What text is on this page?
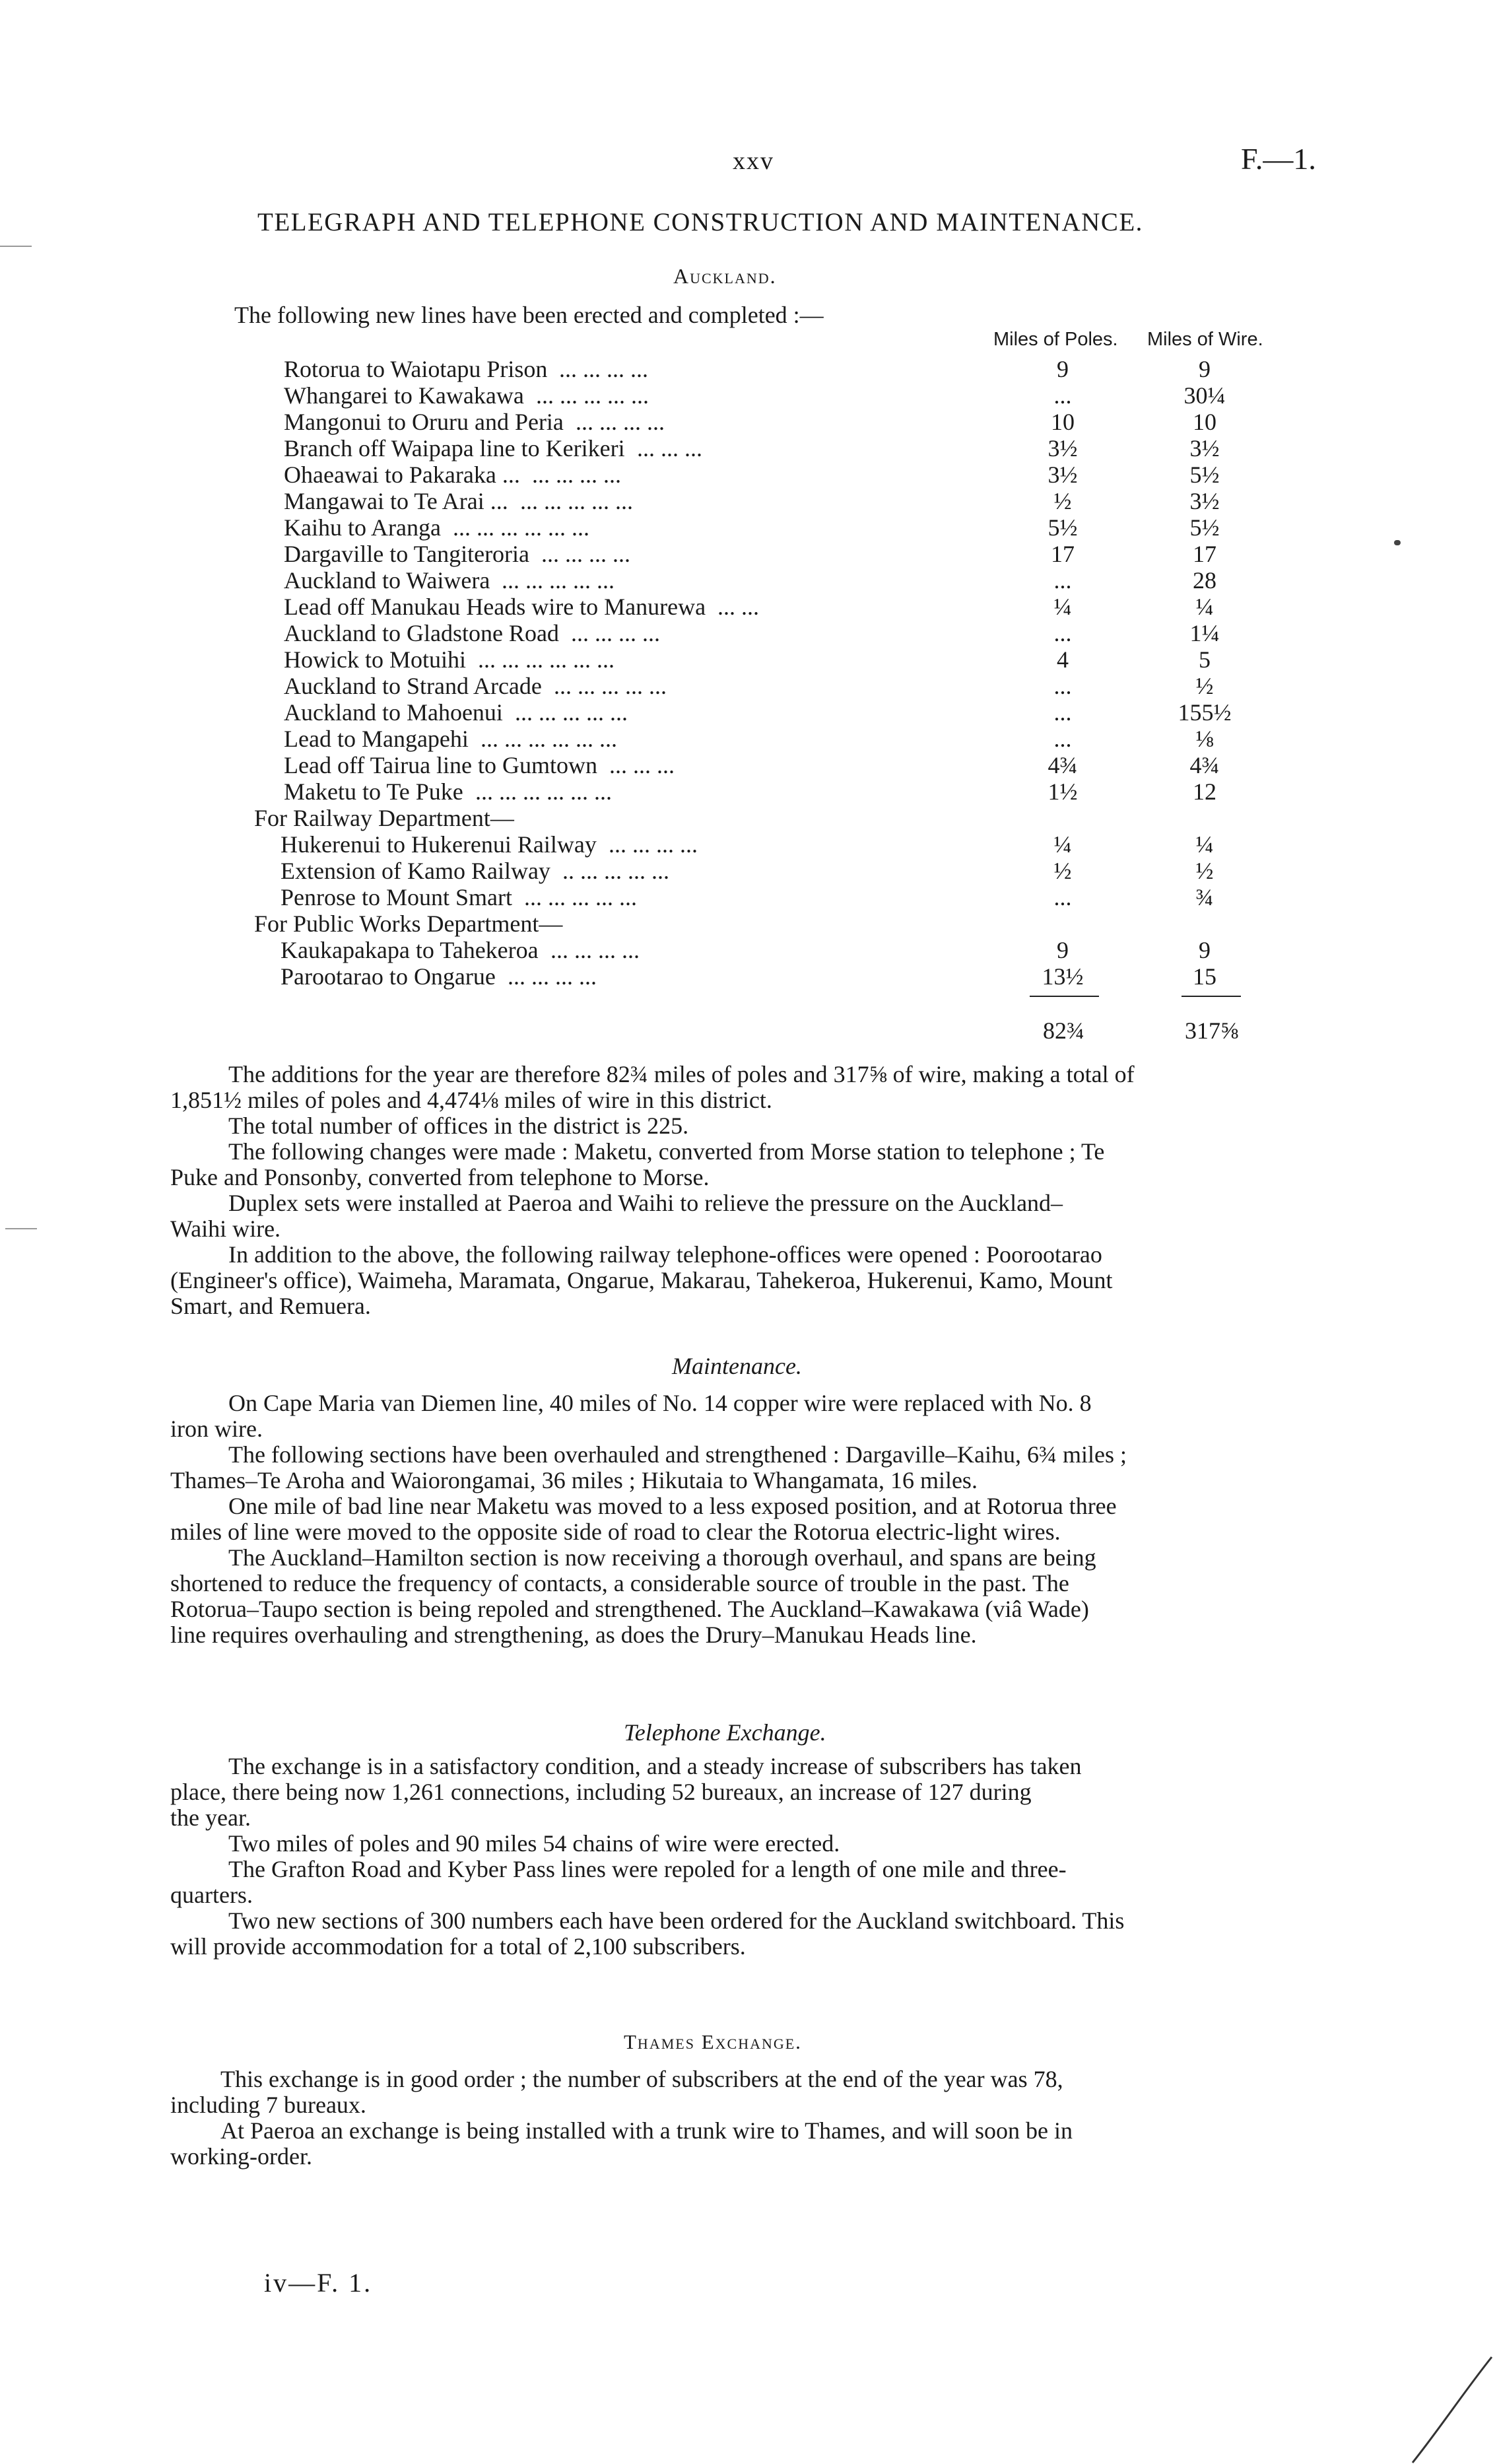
xxv	F.—1.
TELEGRAPH AND TELEPHONE CONSTRUCTION AND MAINTENANCE.
Auckland.
The following new lines have been erected and completed :—
Miles of Poles. Miles of Wire.
Rotorua to Waiotapu Prison ... ... ... ...	9	9
Whangarei to Kawakawa ... ... ... ... ...	...	30¼
Mangonui to Oruru and Peria ... ... ... ...	10	10
Branch off Waipapa line to Kerikeri ... ... ...	3½	3½
Ohaeawai to Pakaraka ... ... ... ... ...	3½	5½
Mangawai to Te Arai ... ... ... ... ... ...	½	3½
Kaihu to Aranga ... ... ... ... ... ...	5½	5½
Dargaville to Tangiteroria ... ... ... ...	17	17
Auckland to Waiwera ... ... ... ... ...	...	28
Lead off Manukau Heads wire to Manurewa ... ...	¼	¼
Auckland to Gladstone Road ... ... ... ...	...	1¼
Howick to Motuihi ... ... ... ... ... ...	4	5
Auckland to Strand Arcade ... ... ... ... ...	...	½
Auckland to Mahoenui ... ... ... ... ...	...	155½
Lead to Mangapehi ... ... ... ... ... ...	...	⅛
Lead off Tairua line to Gumtown ... ... ...	4¾	4¾
Maketu to Te Puke ... ... ... ... ... ...	1½	12
For Railway Department—
Hukerenui to Hukerenui Railway ... ... ... ...	¼	¼
Extension of Kamo Railway .. ... ... ... ...	½	½
Penrose to Mount Smart ... ... ... ... ...	...	¾
For Public Works Department—
Kaukapakapa to Tahekeroa ... ... ... ...	9	9
Parootarao to Ongarue ... ... ... ...	13½	15
82¾	317⅝
The additions for the year are therefore 82¾ miles of poles and 317⅝ of wire, making a total of
1,851½ miles of poles and 4,474⅛ miles of wire in this district.
The total number of offices in the district is 225.
The following changes were made : Maketu, converted from Morse station to telephone ; Te
Puke and Ponsonby, converted from telephone to Morse.
Duplex sets were installed at Paeroa and Waihi to relieve the pressure on the Auckland–
Waihi wire.
In addition to the above, the following railway telephone-offices were opened : Poorootarao
(Engineer's office), Waimeha, Maramata, Ongarue, Makarau, Tahekeroa, Hukerenui, Kamo, Mount
Smart, and Remuera.
Maintenance.
On Cape Maria van Diemen line, 40 miles of No. 14 copper wire were replaced with No. 8
iron wire.
The following sections have been overhauled and strengthened : Dargaville–Kaihu, 6¾ miles ;
Thames–Te Aroha and Waiorongamai, 36 miles ; Hikutaia to Whangamata, 16 miles.
One mile of bad line near Maketu was moved to a less exposed position, and at Rotorua three
miles of line were moved to the opposite side of road to clear the Rotorua electric-light wires.
The Auckland–Hamilton section is now receiving a thorough overhaul, and spans are being
shortened to reduce the frequency of contacts, a considerable source of trouble in the past. The
Rotorua–Taupo section is being repoled and strengthened. The Auckland–Kawakawa (viâ Wade)
line requires overhauling and strengthening, as does the Drury–Manukau Heads line.
Telephone Exchange.
The exchange is in a satisfactory condition, and a steady increase of subscribers has taken
place, there being now 1,261 connections, including 52 bureaux, an increase of 127 during
the year.
Two miles of poles and 90 miles 54 chains of wire were erected.
The Grafton Road and Kyber Pass lines were repoled for a length of one mile and three-
quarters.
Two new sections of 300 numbers each have been ordered for the Auckland switchboard. This
will provide accommodation for a total of 2,100 subscribers.
Thames Exchange.
This exchange is in good order ; the number of subscribers at the end of the year was 78,
including 7 bureaux.
At Paeroa an exchange is being installed with a trunk wire to Thames, and will soon be in
working-order.
iv—F. 1.
